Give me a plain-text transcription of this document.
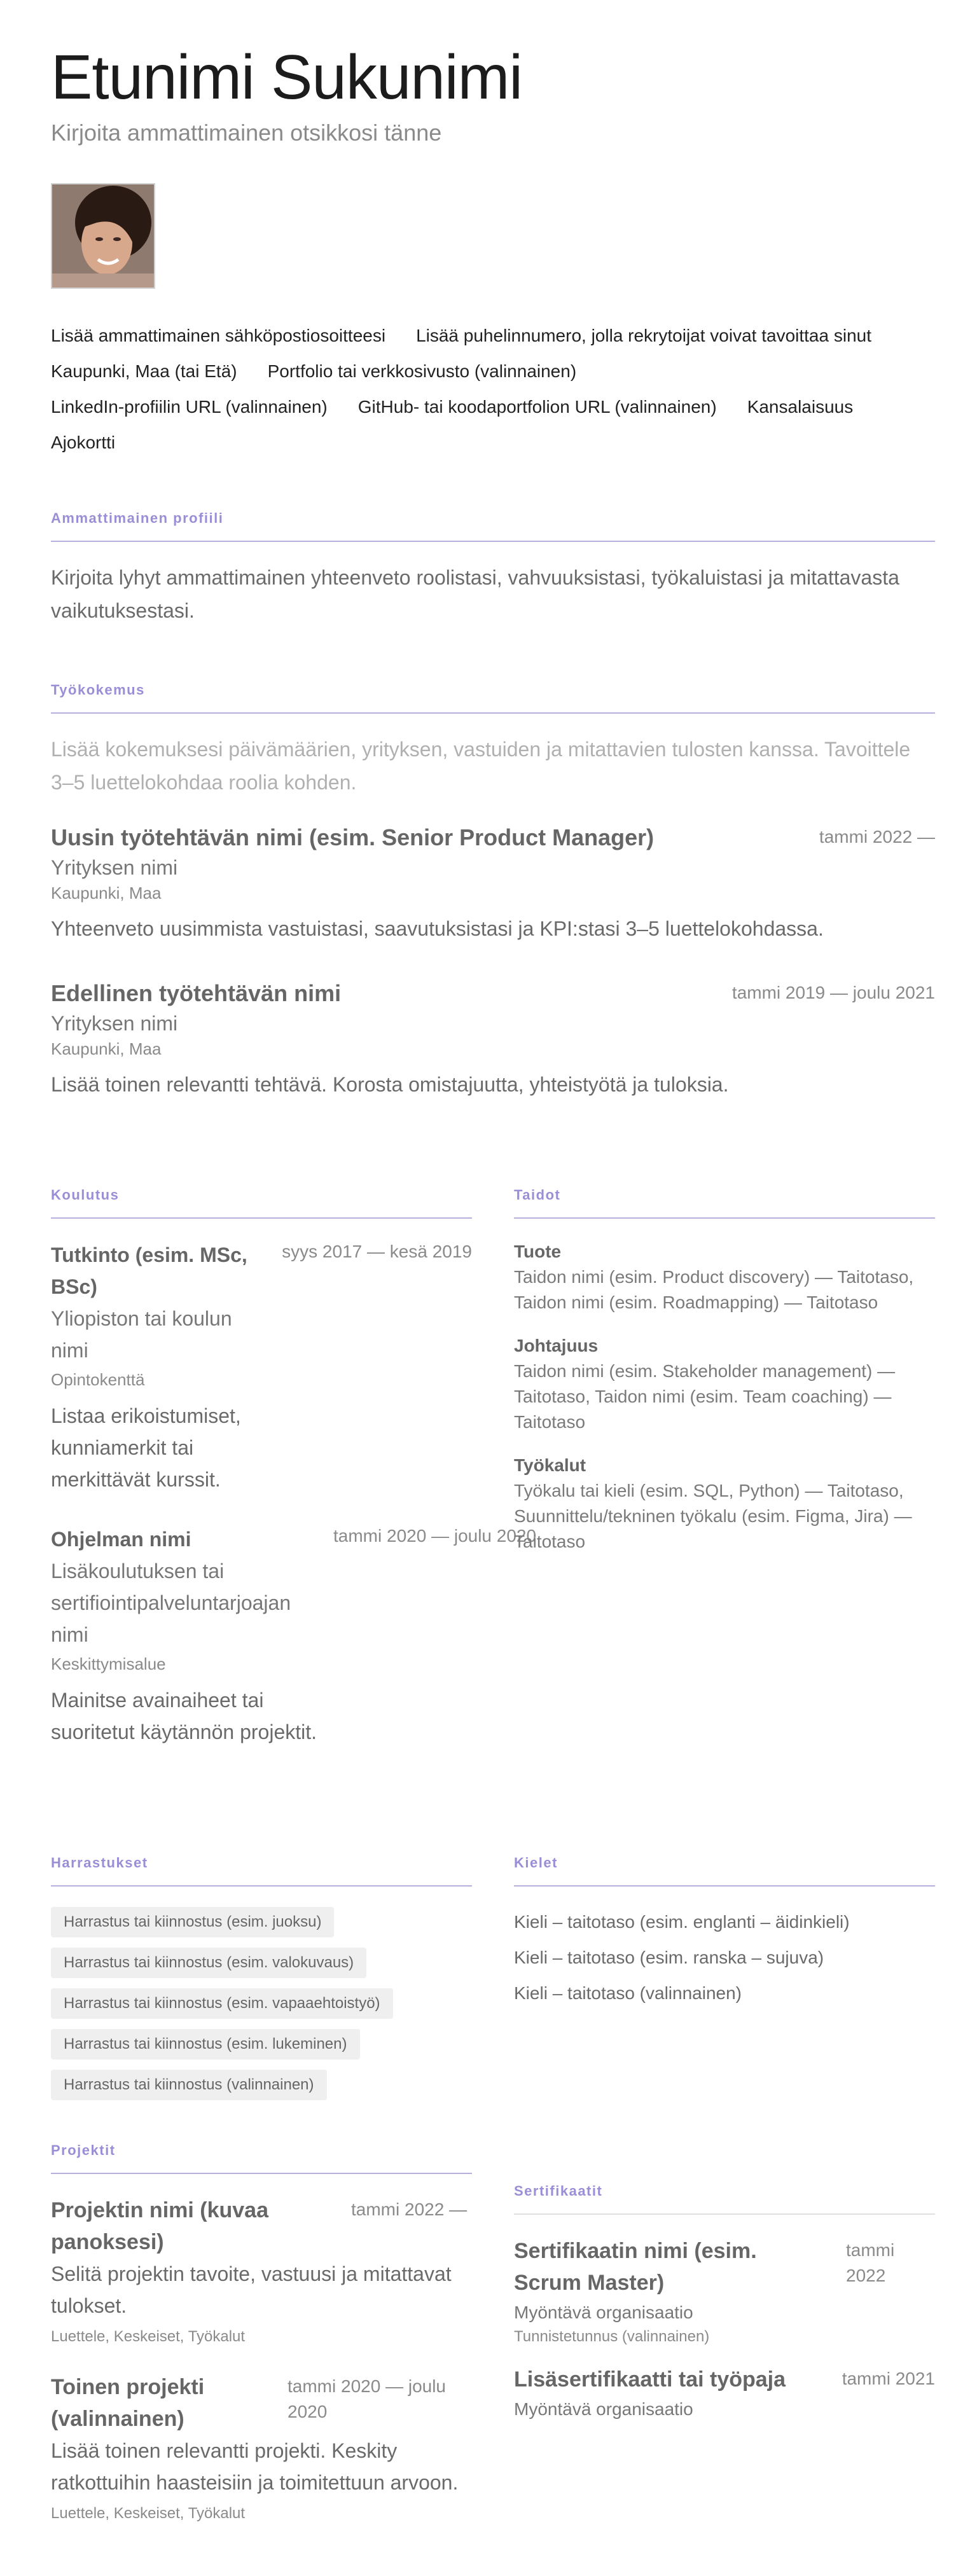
Etunimi Sukunimi
Kirjoita ammattimainen otsikkosi tänne
Lisää ammattimainen sähköpostiosoitteesi Lisää puhelinnumero, jolla rekrytoijat voivat tavoittaa sinut
Kaupunki, Maa (tai Etä) Portfolio tai verkkosivusto (valinnainen)
LinkedIn-profiilin URL (valinnainen) GitHub- tai koodaportfolion URL (valinnainen) Kansalaisuus
Ajokortti
Ammattimainen profiili

Kirjoita lyhyt ammattimainen yhteenveto roolistasi, vahvuuksistasi, työkaluistasi ja mitattavasta vaikutuksestasi.

Työkokemus

Lisää kokemuksesi päivämäärien, yrityksen, vastuiden ja mitattavien tulosten kanssa. Tavoittele 3–5 luettelokohdaa roolia kohden.

Uusin työtehtävän nimi (esim. Senior Product Manager)	tammi 2022 —
Yrityksen nimi
Kaupunki, Maa
Yhteenveto uusimmista vastuistasi, saavutuksistasi ja KPI:stasi 3–5 luettelokohdassa.
Edellinen työtehtävän nimi	tammi 2019 — joulu 2021
Yrityksen nimi
Kaupunki, Maa
Lisää toinen relevantti tehtävä. Korosta omistajuutta, yhteistyötä ja tuloksia.
Koulutus
Tutkinto (esim. MSc, BSc)
syys 2017 — kesä 2019
Yliopiston tai koulun nimi
Opintokenttä
Listaa erikoistumiset, kunniamerkit tai merkittävät kurssit.
Ohjelman nimi	tammi 2020 — joulu 2020
Lisäkoulutuksen tai sertifiointipalveluntarjoajan nimi
Keskittymisalue
Mainitse avainaiheet tai suoritetut käytännön projektit.
Taidot
Tuote
Taidon nimi (esim. Product discovery) — Taitotaso, Taidon nimi (esim. Roadmapping) — Taitotaso
Johtajuus
Taidon nimi (esim. Stakeholder management) — Taitotaso, Taidon nimi (esim. Team coaching) — Taitotaso
Työkalut
Työkalu tai kieli (esim. SQL, Python) — Taitotaso, Suunnittelu/tekninen työkalu (esim. Figma, Jira) — Taitotaso
Harrastukset
Harrastus tai kiinnostus (esim. juoksu)
Harrastus tai kiinnostus (esim. valokuvaus)
Harrastus tai kiinnostus (esim. vapaaehtoistyö)
Harrastus tai kiinnostus (esim. lukeminen)
Harrastus tai kiinnostus (valinnainen)
Kielet
Kieli – taitotaso (esim. englanti – äidinkieli)
Kieli – taitotaso (esim. ranska – sujuva)
Kieli – taitotaso (valinnainen)
Projektit
Projektin nimi (kuvaa panoksesi)
tammi 2022 —
Selitä projektin tavoite, vastuusi ja mitattavat tulokset.
Luettele, Keskeiset, Työkalut
Toinen projekti (valinnainen)
tammi 2020 — joulu 2020
Lisää toinen relevantti projekti. Keskity ratkottuihin haasteisiin ja toimitettuun arvoon.
Luettele, Keskeiset, Työkalut
Sertifikaatit
Sertifikaatin nimi (esim. Scrum Master)
tammi 2022
Myöntävä organisaatio
Tunnistetunnus (valinnainen)
Lisäsertifikaatti tai työpaja	tammi 2021
Myöntävä organisaatio
